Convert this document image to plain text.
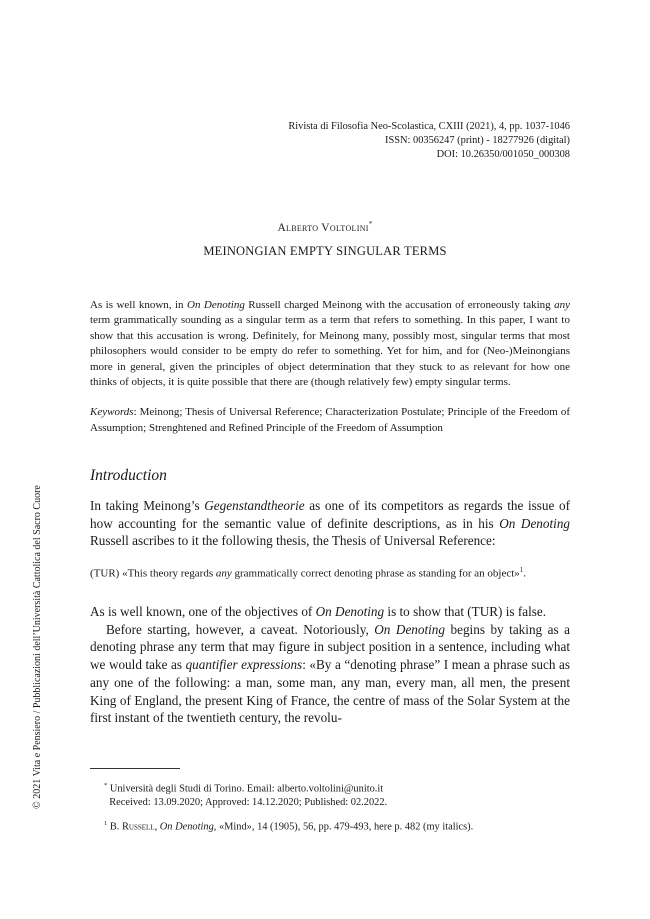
Rivista di Filosofia Neo-Scolastica, CXIII (2021), 4, pp. 1037-1046
ISSN: 00356247 (print) - 18277926 (digital)
DOI: 10.26350/001050_000308
Alberto Voltolini*
MEINONGIAN EMPTY SINGULAR TERMS

As is well known, in On Denoting Russell charged Meinong with the accusation of erroneously taking any term grammatically sounding as a singular term as a term that refers to something. In this paper, I want to show that this accusation is wrong. Definitely, for Meinong many, possibly most, singular terms that most philosophers would consider to be empty do refer to something. Yet for him, and for (Neo-)Meinongians more in general, given the principles of object determination that they stuck to as relevant for how one thinks of objects, it is quite possible that there are (though relatively few) empty singular terms.

Keywords: Meinong; Thesis of Universal Reference; Characterization Postulate; Principle of the Freedom of Assumption; Strenghtened and Refined Principle of the Freedom of Assumption

Introduction

In taking Meinong’s Gegenstandtheorie as one of its competitors as regards the issue of how accounting for the semantic value of definite descriptions, as in his On Denoting Russell ascribes to it the following thesis, the Thesis of Universal Reference:

(TUR) «This theory regards any grammatically correct denoting phrase as standing for an object»$^1$.

As is well known, one of the objectives of On Denoting is to show that (TUR) is false.

Before starting, however, a caveat. Notoriously, On Denoting begins by taking as a denoting phrase any term that may figure in subject position in a sentence, including what we would take as quantifier expressions: «By a “denoting phrase” I mean a phrase such as any one of the following: a man, some man, any man, every man, all men, the present King of England, the present King of France, the centre of mass of the Solar System at the first instant of the twentieth century, the revolu-

* Università degli Studi di Torino. Email: alberto.voltolini@unito.it

Received: 13.09.2020; Approved: 14.12.2020; Published: 02.2022.

$^1$ B. Russell, On Denoting, «Mind», 14 (1905), 56, pp. 479-493, here p. 482 (my italics).

© 2021 Vita e Pensiero / Pubblicazioni dell’Università Cattolica del Sacro Cuore
